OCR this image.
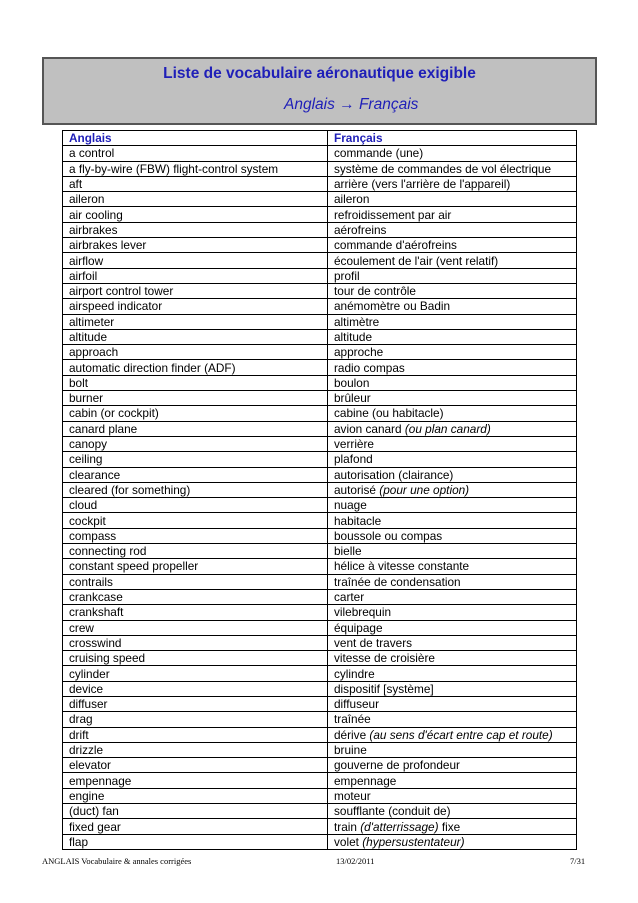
Liste de vocabulaire aéronautique exigible
Anglais → Français
Anglais	Français
a control	commande (une)
a fly-by-wire (FBW) flight-control system	système de commandes de vol électrique
aft	arrière (vers l'arrière de l'appareil)
aileron	aileron
air cooling	refroidissement par air
airbrakes	aérofreins
airbrakes lever	commande d'aérofreins
airflow	écoulement de l'air (vent relatif)
airfoil	profil
airport control tower	tour de contrôle
airspeed indicator	anémomètre ou Badin
altimeter	altimètre
altitude	altitude
approach	approche
automatic direction finder (ADF)	radio compas
bolt	boulon
burner	brûleur
cabin (or cockpit)	cabine (ou habitacle)
canard plane	avion canard (ou plan canard)
canopy	verrière
ceiling	plafond
clearance	autorisation (clairance)
cleared (for something)	autorisé (pour une option)
cloud	nuage
cockpit	habitacle
compass	boussole ou compas
connecting rod	bielle
constant speed propeller	hélice à vitesse constante
contrails	traînée de condensation
crankcase	carter
crankshaft	vilebrequin
crew	équipage
crosswind	vent de travers
cruising speed	vitesse de croisière
cylinder	cylindre
device	dispositif [système]
diffuser	diffuseur
drag	traînée
drift	dérive (au sens d'écart entre cap et route)
drizzle	bruine
elevator	gouverne de profondeur
empennage	empennage
engine	moteur
(duct) fan	soufflante (conduit de)
fixed gear	train (d'atterrissage) fixe
flap	volet (hypersustentateur)
ANGLAIS Vocabulaire & annales corrigées	13/02/2011	7/31
